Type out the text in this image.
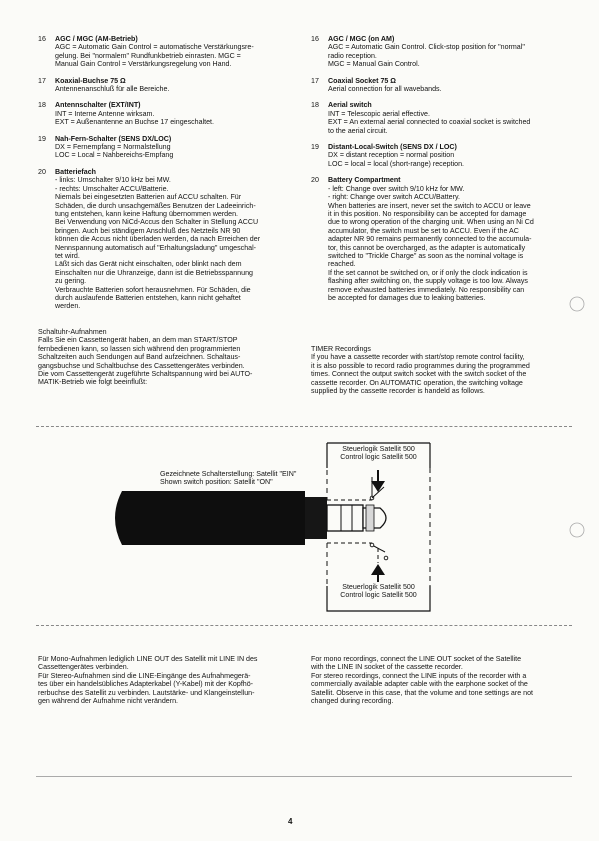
16	AGC / MGC (AM-Betrieb)
AGC = Automatic Gain Control = automatische Verstärkungsre-
gelung. Bei "normalem" Rundfunkbetrieb einrasten. MGC =
Manual Gain Control = Verstärkungsregelung von Hand.
17	Koaxial-Buchse 75 Ω
Antennenanschluß für alle Bereiche.
18	Antennschalter (EXT/INT)
INT = Interne Antenne wirksam.
EXT = Außenantenne an Buchse 17 eingeschaltet.
19	Nah-Fern-Schalter (SENS DX/LOC)
DX = Fernempfang = Normalstellung
LOC = Local = Nahbereichs-Empfang
20	Batteriefach
- links: Umschalter 9/10 kHz bei MW.
- rechts: Umschalter ACCU/Batterie.
Niemals bei eingesetzten Batterien auf ACCU schalten. Für
Schäden, die durch unsachgemäßes Benutzen der Ladeeinrich-
tung entstehen, kann keine Haftung übernommen werden.
Bei Verwendung von NiCd-Accus den Schalter in Stellung ACCU
bringen. Auch bei ständigem Anschluß des Netzteils NR 90
können die Accus nicht überladen werden, da nach Erreichen der
Nennspannung automatisch auf "Erhaltungsladung" umgeschal-
tet wird.
Läßt sich das Gerät nicht einschalten, oder blinkt nach dem
Einschalten nur die Uhranzeige, dann ist die Betriebsspannung
zu gering.
Verbrauchte Batterien sofort herausnehmen. Für Schäden, die
durch auslaufende Batterien entstehen, kann nicht gehaftet
werden.
16	AGC / MGC (on AM)
AGC = Automatic Gain Control. Click-stop position for "normal"
radio reception.
MGC = Manual Gain Control.
17	Coaxial Socket 75 Ω
Aerial connection for all wavebands.
18	Aerial switch
INT = Telescopic aerial effective.
EXT = An external aerial connected to coaxial socket is switched
to the aerial circuit.
19	Distant-Local-Switch (SENS DX / LOC)
DX = distant reception = normal position
LOC = local = local (short-range) reception.
20	Battery Compartment
- left: Change over switch 9/10 kHz for MW.
- right: Change over switch ACCU/Battery.
When batteries are insert, never set the switch to ACCU or leave
it in this position. No responsibility can be accepted for damage
due to wrong operation of the charging unit. When using an Ni Cd
accumulator, the switch must be set to ACCU. Even if the AC
adapter NR 90 remains permanently connected to the accumula-
tor, this cannot be overcharged, as the adapter is automatically
switched to "Trickle Charge" as soon as the nominal voltage is
reached.
If the set cannot be switched on, or if only the clock indication is
flashing after switching on, the supply voltage is too low. Always
remove exhausted batteries immediately. No responsibility can
be accepted for damages due to leaking batteries.
Schaltuhr-Aufnahmen
Falls Sie ein Cassettengerät haben, an dem man START/STOP
fernbedienen kann, so lassen sich während den programmierten
Schaltzeiten auch Sendungen auf Band aufzeichnen. Schaltaus-
gangsbuchse und Schaltbuchse des Cassettengerätes verbinden.
Die vom Cassettengerät zugeführte Schaltspannung wird bei AUTO-
MATIK-Betrieb wie folgt beeinflußt:
TIMER Recordings
If you have a cassette recorder with start/stop remote control facility,
it is also possible to record radio programmes during the programmed
times. Connect the output switch socket with the switch socket of the
cassette recorder. On AUTOMATIC operation, the switching voltage
supplied by the cassette recorder is handeld as follows.
Steuerlogik Satellit 500
Control logic Satellit 500
Gezeichnete Schalterstellung: Satellit "EIN"
Shown switch position: Satellit "ON"
Steuerlogik Satellit 500
Control logic Satellit 500
Für Mono-Aufnahmen lediglich LINE OUT des Satellit mit LINE IN des
Cassettengerätes verbinden.
Für Stereo-Aufnahmen sind die LINE-Eingänge des Aufnahmegerä-
tes über ein handelsübliches Adapterkabel (Y-Kabel) mit der Kopfhö-
rerbuchse des Satellit zu verbinden. Lautstärke- und Klangeinstellun-
gen während der Aufnahme nicht verändern.
For mono recordings, connect the LINE OUT socket of the Satellite
with the LINE IN socket of the cassette recorder.
For stereo recordings, connect the LINE inputs of the recorder with a
commercially available adapter cable with the earphone socket of the
Satellit. Observe in this case, that the volume and tone settings are not
changed during recording.
4
